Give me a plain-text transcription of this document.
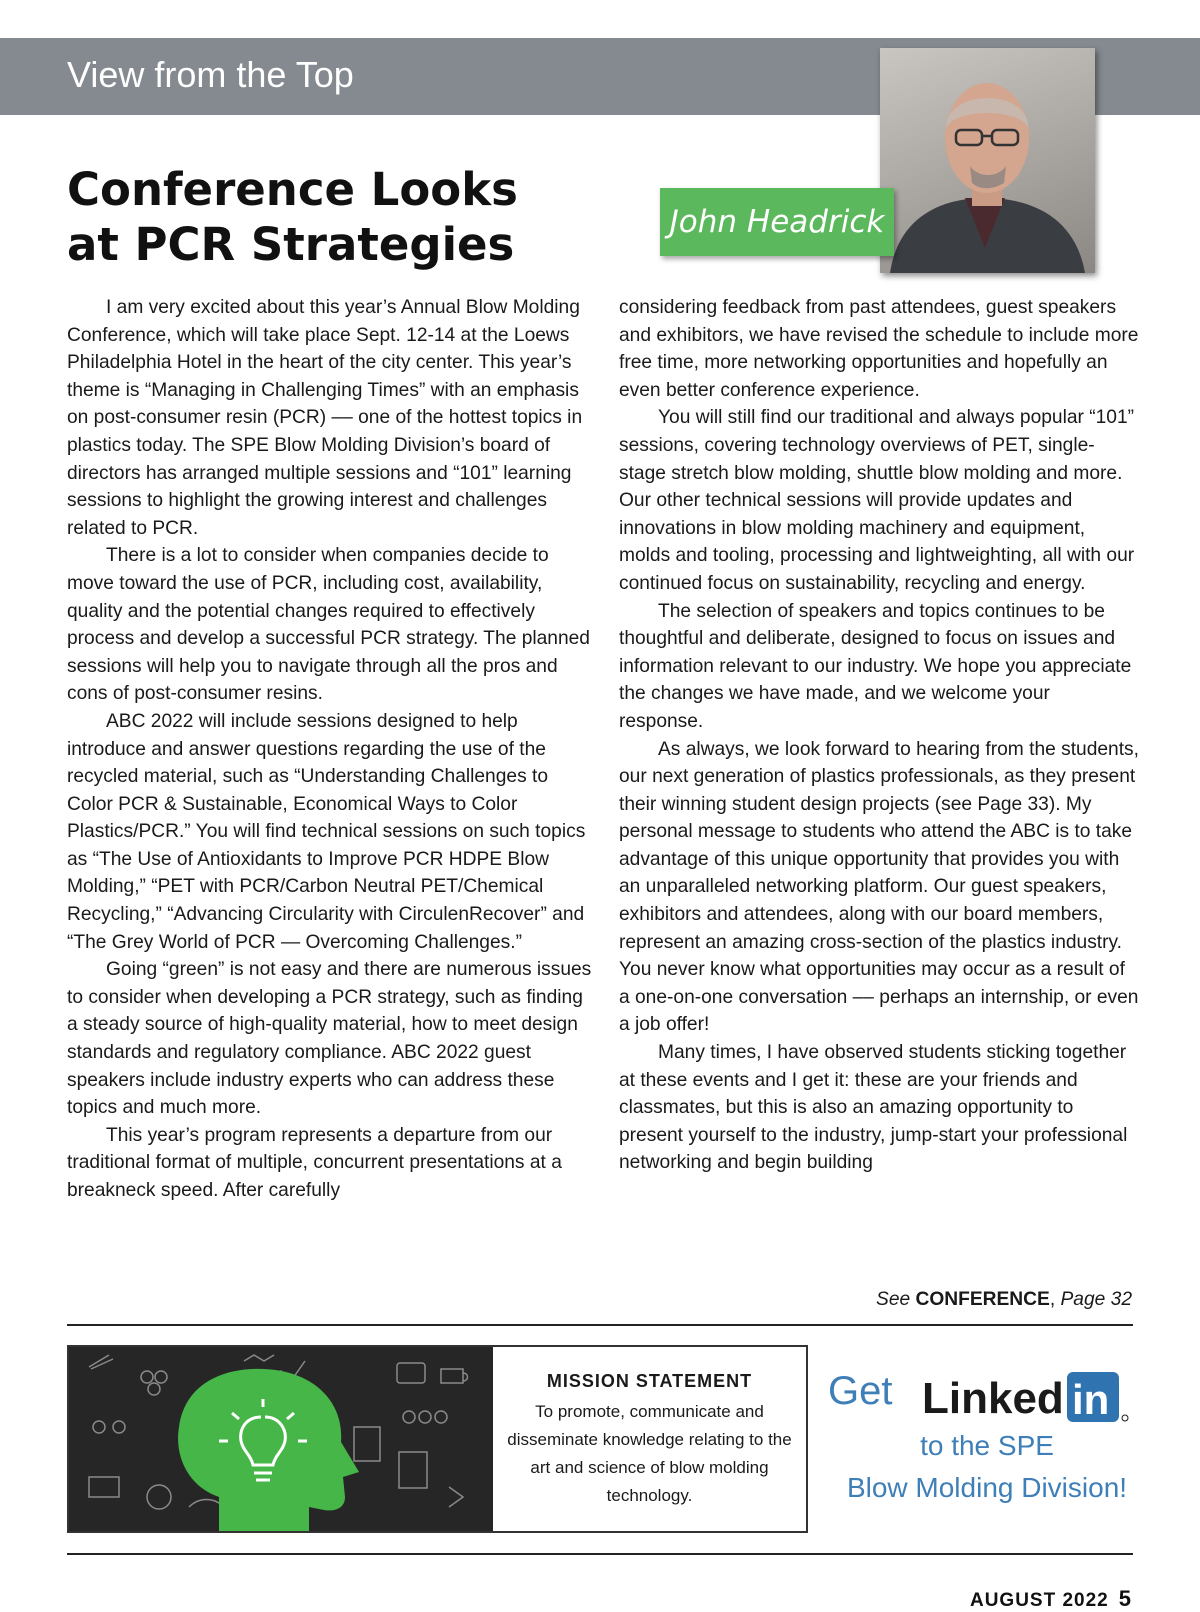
View from the Top
John Headrick
Conference Looks
at PCR Strategies

I am very excited about this year’s Annual Blow Molding Conference, which will take place Sept. 12-14 at the Loews Philadelphia Hotel in the heart of the city center. This year’s theme is “Managing in Challenging Times” with an emphasis on post-consumer resin (PCR) –– one of the hottest topics in plastics today. The SPE Blow Molding Division’s board of directors has arranged multiple sessions and “101” learning sessions to highlight the growing interest and challenges related to PCR.

There is a lot to consider when companies decide to move toward the use of PCR, including cost, availability, quality and the potential changes required to effectively process and develop a successful PCR strategy. The planned sessions will help you to navigate through all the pros and cons of post-consumer resins.

ABC 2022 will include sessions designed to help introduce and answer questions regarding the use of the recycled material, such as “Understanding Challenges to Color PCR & Sustainable, Economical Ways to Color Plastics/PCR.” You will find technical sessions on such topics as “The Use of Antioxidants to Improve PCR HDPE Blow Molding,” “PET with PCR/Carbon Neutral PET/Chemical Recycling,” “Advancing Circularity with CirculenRecover” and “The Grey World of PCR — Overcoming Challenges.”

Going “green” is not easy and there are numerous issues to consider when developing a PCR strategy, such as finding a steady source of high-quality material, how to meet design standards and regulatory compliance. ABC 2022 guest speakers include industry experts who can address these topics and much more.

This year’s program represents a departure from our traditional format of multiple, concurrent presentations at a breakneck speed. After carefully

considering feedback from past attendees, guest speakers and exhibitors, we have revised the schedule to include more free time, more networking opportunities and hopefully an even better conference experience.

You will still find our traditional and always popular “101” sessions, covering technology overviews of PET, single-stage stretch blow molding, shuttle blow molding and more. Our other technical sessions will provide updates and innovations in blow molding machinery and equipment, molds and tooling, processing and lightweighting, all with our continued focus on sustainability, recycling and energy.

The selection of speakers and topics continues to be thoughtful and deliberate, designed to focus on issues and information relevant to our industry. We hope you appreciate the changes we have made, and we welcome your response.

As always, we look forward to hearing from the students, our next generation of plastics professionals, as they present their winning student design projects (see Page 33). My personal message to students who attend the ABC is to take advantage of this unique opportunity that provides you with an unparalleled networking platform. Our guest speakers, exhibitors and attendees, along with our board members, represent an amazing cross-section of the plastics industry. You never know what opportunities may occur as a result of a one-on-one conversation –– perhaps an internship, or even a job offer!

Many times, I have observed students sticking together at these events and I get it: these are your friends and classmates, but this is also an amazing opportunity to present yourself to the industry, jump-start your professional networking and begin building

See CONFERENCE, Page 32
MISSION STATEMENT
To promote, communicate and disseminate knowledge relating to the art and science of blow molding technology.
Get Linked in
to the SPE
Blow Molding Division!
AUGUST 2022 5
